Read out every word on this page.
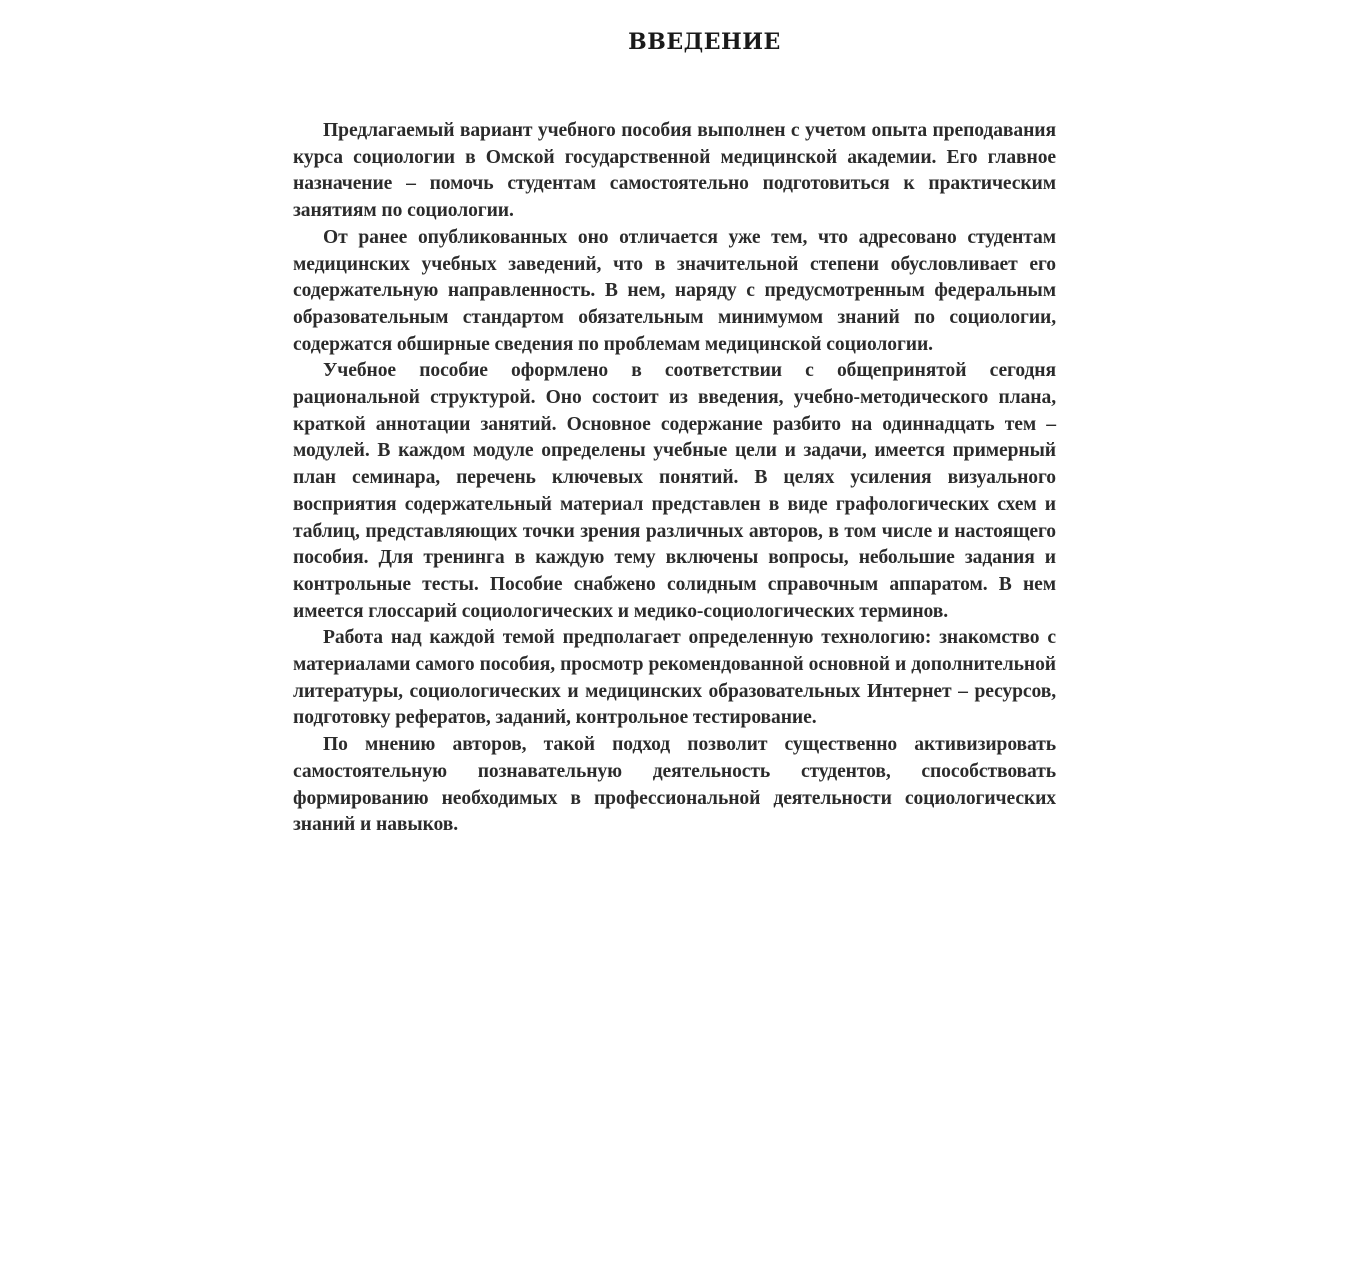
ВВЕДЕНИЕ

Предлагаемый вариант учебного пособия выполнен с учетом опыта преподавания курса социологии в Омской государственной медицинской академии. Его главное назначение – помочь студентам самостоятельно подготовиться к практическим занятиям по социологии.

От ранее опубликованных оно отличается уже тем, что адресовано студентам медицинских учебных заведений, что в значительной степени обусловливает его содержательную направленность. В нем, наряду с предусмотренным федеральным образовательным стандартом обязательным минимумом знаний по социологии, содержатся обширные сведения по проблемам медицинской социологии.

Учебное пособие оформлено в соответствии с общепринятой сегодня рациональной структурой. Оно состоит из введения, учебно-методического плана, краткой аннотации занятий. Основное содержание разбито на одиннадцать тем – модулей. В каждом модуле определены учебные цели и задачи, имеется примерный план семинара, перечень ключевых понятий. В целях усиления визуального восприятия содержательный материал представлен в виде графологических схем и таблиц, представляющих точки зрения различных авторов, в том числе и настоящего пособия. Для тренинга в каждую тему включены вопросы, небольшие задания и контрольные тесты. Пособие снабжено солидным справочным аппаратом. В нем имеется глоссарий социологических и медико-социологических терминов.

Работа над каждой темой предполагает определенную технологию: знакомство с материалами самого пособия, просмотр рекомендованной основной и дополнительной литературы, социологических и медицинских образовательных Интернет – ресурсов, подготовку рефератов, заданий, контрольное тестирование.

По мнению авторов, такой подход позволит существенно активизировать самостоятельную познавательную деятельность студентов, способствовать формированию необходимых в профессиональной деятельности социологических знаний и навыков.
